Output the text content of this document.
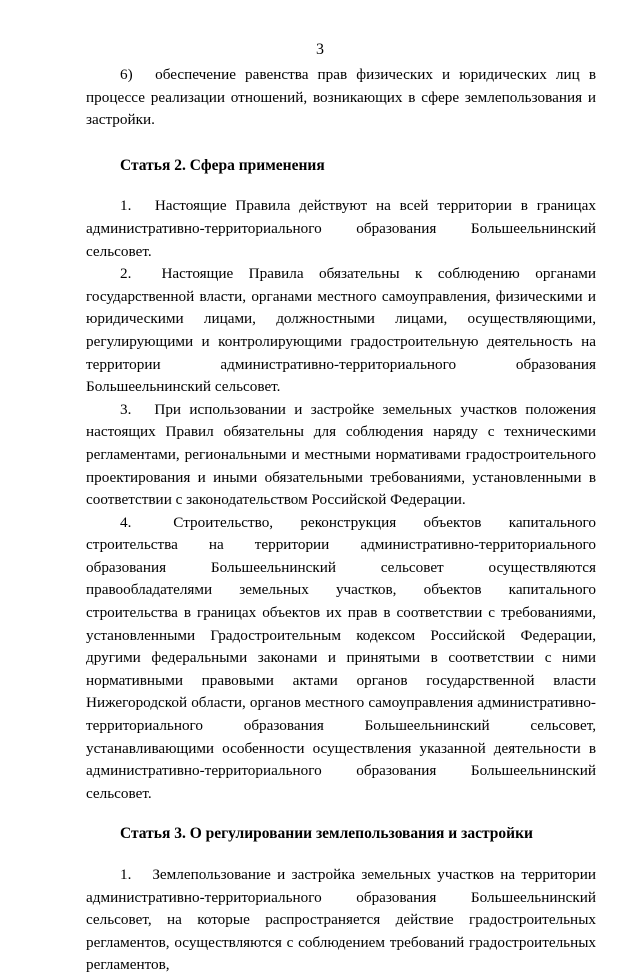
3

6) обеспечение равенства прав физических и юридических лиц в процессе реализации отношений, возникающих в сфере землепользования и застройки.

Статья 2. Сфера применения

1. Настоящие Правила действуют на всей территории в границах административно-территориального образования Большеельнинский сельсовет.

2. Настоящие Правила обязательны к соблюдению органами государственной власти, органами местного самоуправления, физическими и юридическими лицами, должностными лицами, осуществляющими, регулирующими и контролирующими градостроительную деятельность на территории административно-территориального образования Большеельнинский сельсовет.

3. При использовании и застройке земельных участков положения настоящих Правил обязательны для соблюдения наряду с техническими регламентами, региональными и местными нормативами градостроительного проектирования и иными обязательными требованиями, установленными в соответствии с законодательством Российской Федерации.

4.	Строительство, реконструкция объектов капитального строительства на территории административно-территориального образования Большеельнинский сельсовет осуществляются правообладателями земельных участков, объектов капитального строительства в границах объектов их прав в соответствии с требованиями, установленными Градостроительным кодексом Российской Федерации, другими федеральными законами и принятыми в соответствии с ними нормативными правовыми актами органов государственной власти Нижегородской области, органов местного самоуправления административно-территориального образования Большеельнинский сельсовет, устанавливающими особенности осуществления указанной деятельности в административно-территориального образования Большеельнинский сельсовет.

Статья 3. О регулировании землепользования и застройки

1. Землепользование и застройка земельных участков на территории административно-территориального образования Большеельнинский сельсовет, на которые распространяется действие градостроительных регламентов, осуществляются с соблюдением требований градостроительных регламентов,
